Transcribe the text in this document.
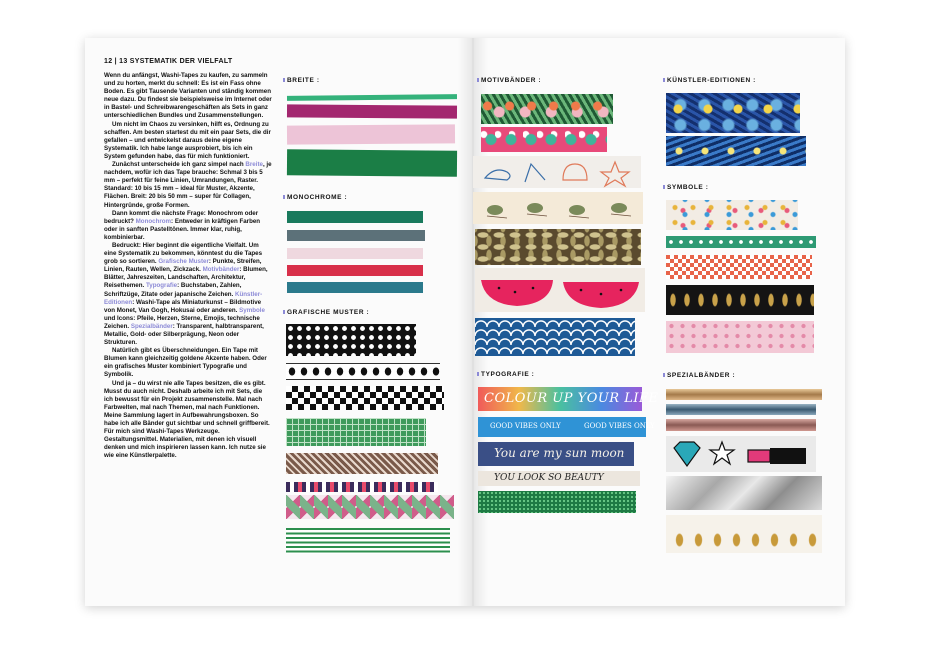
12 | 13 SYSTEMATIK DER VIELFALT

Wenn du anfängst, Washi-Tapes zu kaufen, zu sammeln und zu horten, merkt du schnell: Es ist ein Fass ohne Boden. Es gibt Tausende Varianten und ständig kommen neue dazu. Du findest sie beispielsweise im Internet oder in Bastel- und Schreibwarengeschäften als Sets in ganz unterschiedlichen Bundles und Zusammenstellungen.

Um nicht im Chaos zu versinken, hilft es, Ordnung zu schaffen. Am besten startest du mit ein paar Sets, die dir gefallen – und entwickelst daraus deine eigene Systematik. Ich habe lange ausprobiert, bis ich ein System gefunden habe, das für mich funktioniert.

Zunächst unterscheide ich ganz simpel nach Breite, je nachdem, wofür ich das Tape brauche: Schmal 3 bis 5 mm – perfekt für feine Linien, Umrandungen, Raster. Standard: 10 bis 15 mm – ideal für Muster, Akzente, Flächen. Breit: 20 bis 50 mm – super für Collagen, Hintergründe, große Formen.

Dann kommt die nächste Frage: Monochrom oder bedruckt? Monochrom: Entweder in kräftigen Farben oder in sanften Pastelltönen. Immer klar, ruhig, kombinierbar.

Bedruckt: Hier beginnt die eigentliche Vielfalt. Um eine Systematik zu bekommen, könntest du die Tapes grob so sortieren. Grafische Muster: Punkte, Streifen, Linien, Rauten, Wellen, Zickzack. Motivbänder: Blumen, Blätter, Jahreszeiten, Landschaften, Architektur, Reisethemen. Typografie: Buchstaben, Zahlen, Schriftzüge, Zitate oder japanische Zeichen. Künstler-Editionen: Washi-Tape als Miniaturkunst – Bildmotive von Monet, Van Gogh, Hokusai oder anderen. Symbole und Icons: Pfeile, Herzen, Sterne, Emojis, technische Zeichen. Spezialbänder: Transparent, halbtransparent, Metallic, Gold- oder Silberprägung, Neon oder Strukturen.

Natürlich gibt es Überschneidungen. Ein Tape mit Blumen kann gleichzeitig goldene Akzente haben. Oder ein grafisches Muster kombiniert Typografie und Symbolik.

Und ja – du wirst nie alle Tapes besitzen, die es gibt. Musst du auch nicht. Deshalb arbeite ich mit Sets, die ich bewusst für ein Projekt zusammenstelle. Mal nach Farbwelten, mal nach Themen, mal nach Funktionen. Meine Sammlung lagert in Aufbewahrungsboxen. So habe ich alle Bänder gut sichtbar und schnell griffbereit. Für mich sind Washi-Tapes Werkzeuge. Gestaltungsmittel. Materialien, mit denen ich visuell denken und mich inspirieren lassen kann. Ich nutze sie wie eine Künstlerpalette.

BREITE :
MONOCHROME :
GRAFISCHE MUSTER :
MOTIVBÄNDER :
TYPOGRAFIE :
KÜNSTLER-EDITIONEN :
SYMBOLE :
SPEZIALBÄNDER :
COLOUR UP YOUR LIFE
GOOD VIBES ONLY	GOOD VIBES ONLY
You are my sun moon
YOU LOOK SO BEAUTY
